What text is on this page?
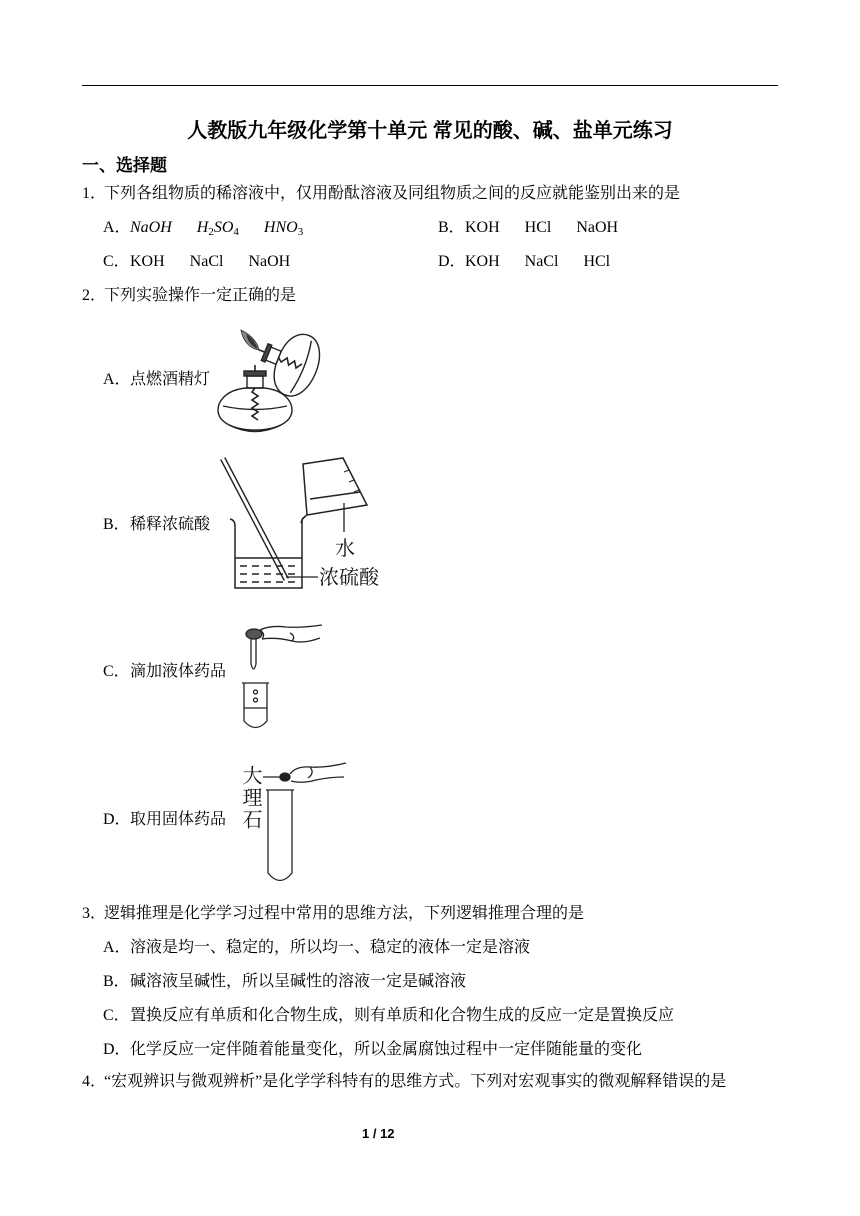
人教版九年级化学第十单元 常见的酸、碱、盐单元练习
一、选择题
1．下列各组物质的稀溶液中，仅用酚酞溶液及同组物质之间的反应就能鉴别出来的是
A．NaOH $H_2SO_4$ $HNO_3$	B．KOH HCl NaOH
C．KOH NaCl NaOH	D．KOH NaCl HCl
2．下列实验操作一定正确的是
A．点燃酒精灯
B．稀释浓硫酸
水
浓硫酸
C．滴加液体药品
D．取用固体药品 大理石
3．逻辑推理是化学学习过程中常用的思维方法，下列逻辑推理合理的是
A．溶液是均一、稳定的，所以均一、稳定的液体一定是溶液
B．碱溶液呈碱性，所以呈碱性的溶液一定是碱溶液
C．置换反应有单质和化合物生成，则有单质和化合物生成的反应一定是置换反应
D．化学反应一定伴随着能量变化，所以金属腐蚀过程中一定伴随能量的变化
4．“宏观辨识与微观辨析”是化学学科特有的思维方式。下列对宏观事实的微观解释错误的是
1 / 12
